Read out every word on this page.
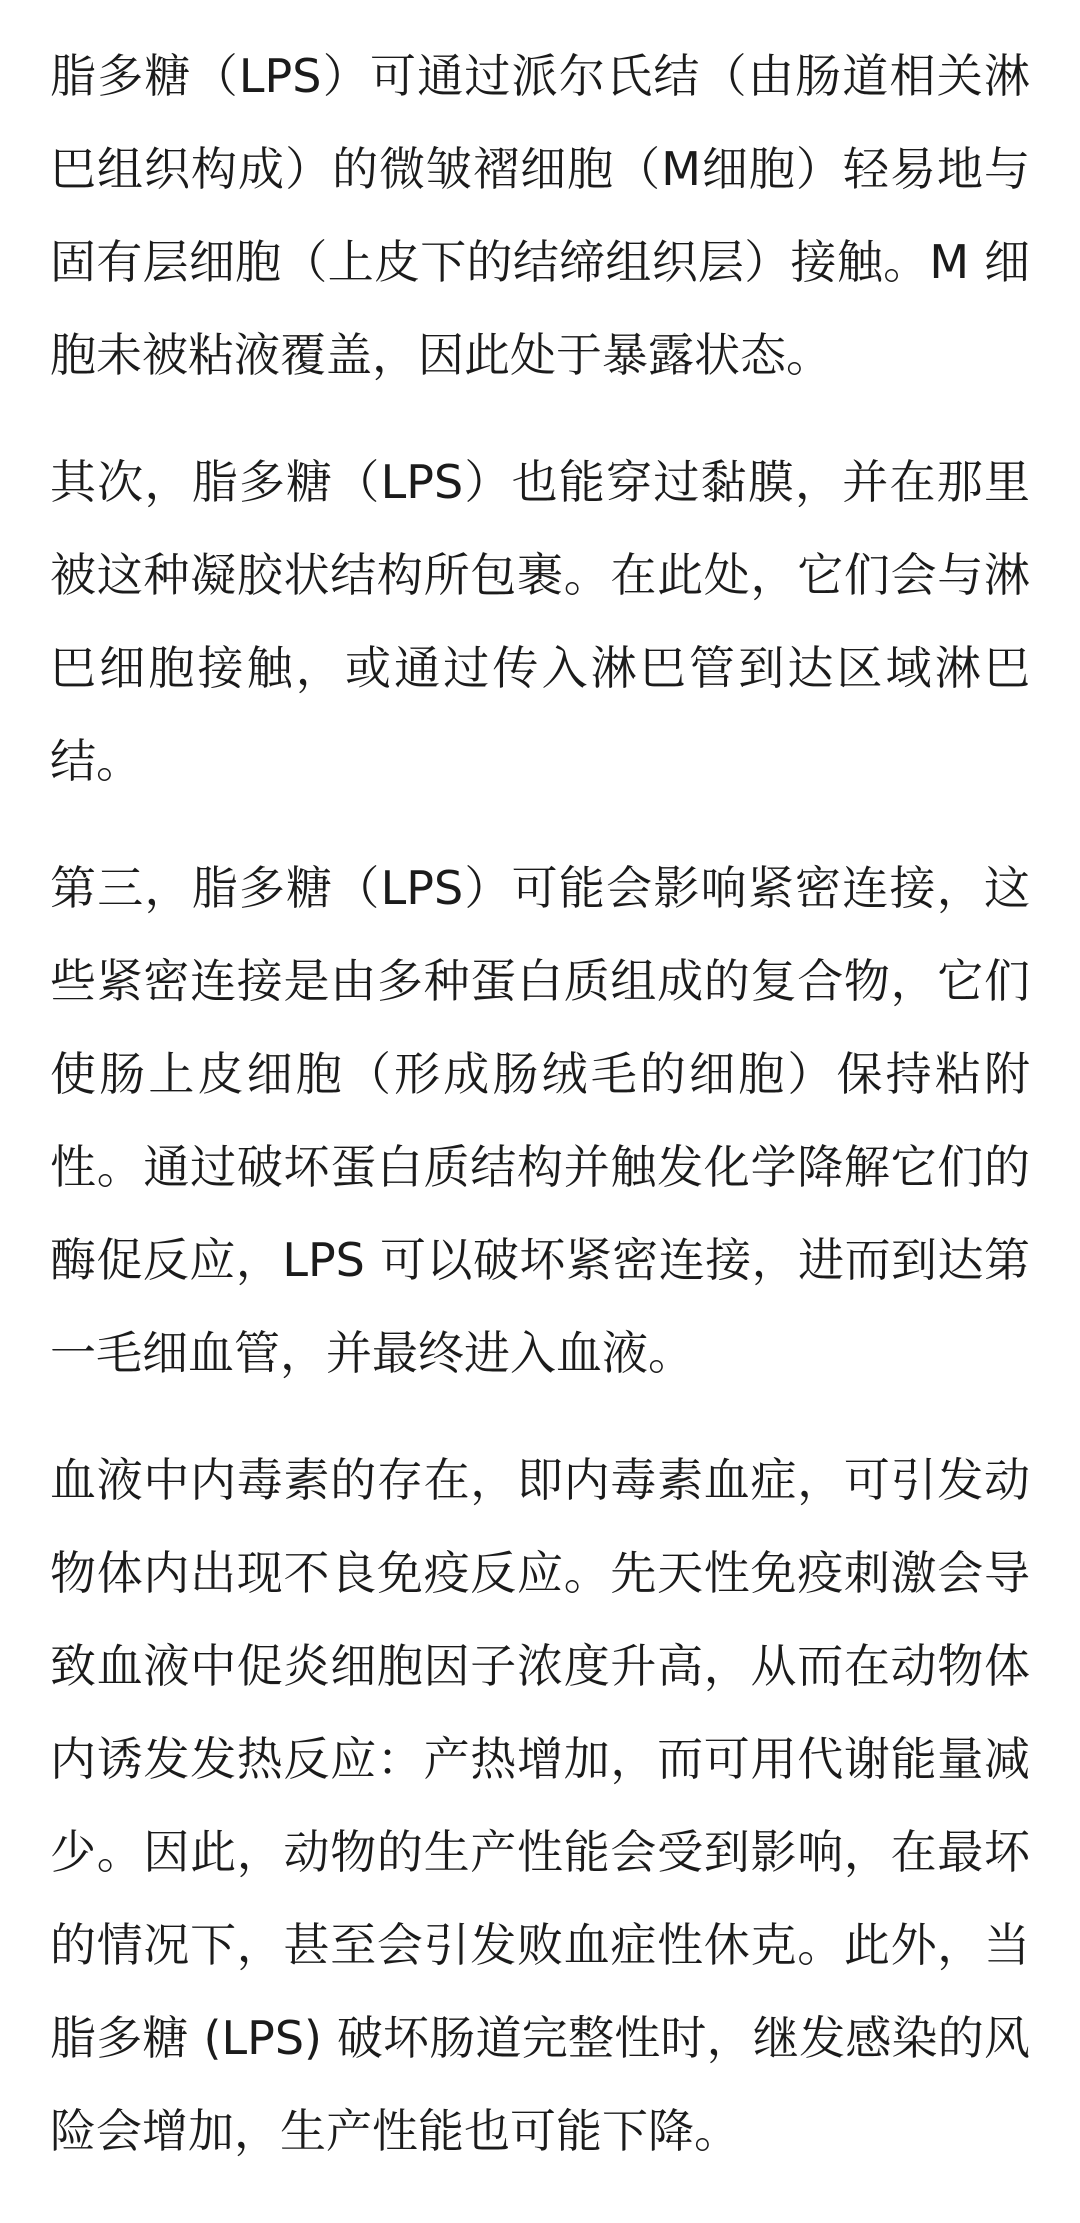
脂多糖（LPS）可通过派尔氏结（由肠道相关淋巴组织构成）的微皱褶细胞（M细胞）轻易地与固有层细胞（上皮下的结缔组织层）接触。M 细胞未被粘液覆盖，因此处于暴露状态。

其次，脂多糖（LPS）也能穿过黏膜，并在那里被这种凝胶状结构所包裹。在此处，它们会与淋巴细胞接触，或通过传入淋巴管到达区域淋巴结。

第三，脂多糖（LPS）可能会影响紧密连接，这些紧密连接是由多种蛋白质组成的复合物，它们使肠上皮细胞（形成肠绒毛的细胞）保持粘附性。通过破坏蛋白质结构并触发化学降解它们的酶促反应，LPS 可以破坏紧密连接，进而到达第一毛细血管，并最终进入血液。

血液中内毒素的存在，即内毒素血症，可引发动物体内出现不良免疫反应。先天性免疫刺激会导致血液中促炎细胞因子浓度升高，从而在动物体内诱发发热反应：产热增加，而可用代谢能量减少。因此，动物的生产性能会受到影响，在最坏的情况下，甚至会引发败血症性休克。此外，当脂多糖 (LPS) 破坏肠道完整性时，继发感染的风险会增加，生产性能也可能下降。
